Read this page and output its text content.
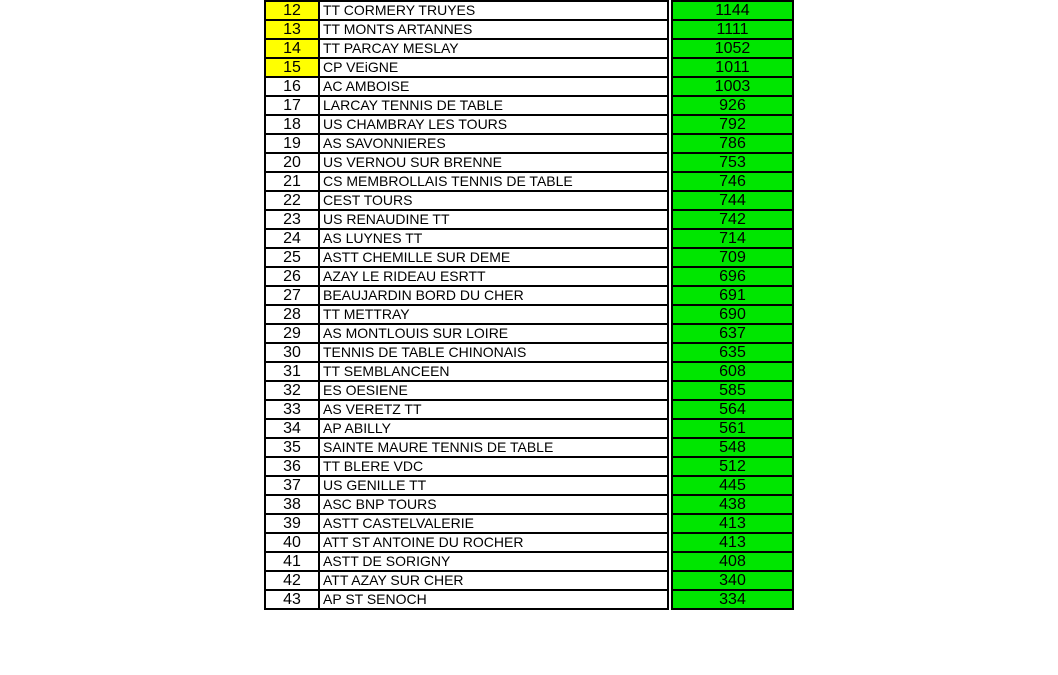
12	TT CORMERY TRUYES		1144
13	TT MONTS ARTANNES		1111
14	TT PARCAY MESLAY		1052
15	CP VEiGNE		1011
16	AC AMBOISE		1003
17	LARCAY TENNIS DE TABLE		926
18	US CHAMBRAY LES TOURS		792
19	AS SAVONNIERES		786
20	US VERNOU SUR BRENNE		753
21	CS MEMBROLLAIS TENNIS DE TABLE		746
22	CEST TOURS		744
23	US RENAUDINE TT		742
24	AS LUYNES TT		714
25	ASTT CHEMILLE SUR DEME		709
26	AZAY LE RIDEAU ESRTT		696
27	BEAUJARDIN BORD DU CHER		691
28	TT METTRAY		690
29	AS MONTLOUIS SUR LOIRE		637
30	TENNIS DE TABLE CHINONAIS		635
31	TT SEMBLANCEEN		608
32	ES OESIENE		585
33	AS VERETZ TT		564
34	AP ABILLY		561
35	SAINTE MAURE TENNIS DE TABLE		548
36	TT BLERE VDC		512
37	US GENILLE TT		445
38	ASC BNP TOURS		438
39	ASTT CASTELVALERIE		413
40	ATT ST ANTOINE DU ROCHER		413
41	ASTT DE SORIGNY		408
42	ATT AZAY SUR CHER		340
43	AP ST SENOCH		334
